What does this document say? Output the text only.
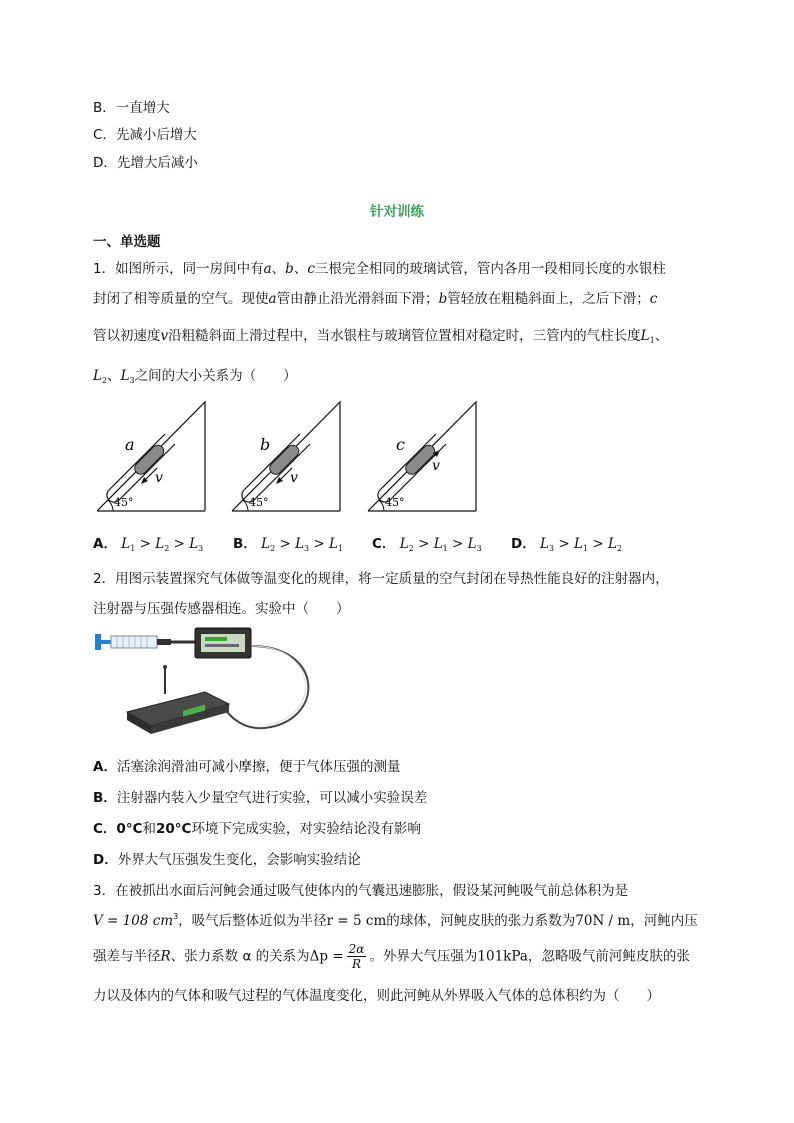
B．一直增大
C．先减小后增大
D．先增大后减小
针对训练
一、单选题
1．如图所示，同一房间中有a、b、c三根完全相同的玻璃试管，管内各用一段相同长度的水银柱
封闭了相等质量的空气。现使a管由静止沿光滑斜面下滑；b管轻放在粗糙斜面上，之后下滑；c
管以初速度v沿粗糙斜面上滑过程中，当水银柱与玻璃管位置相对稳定时，三管内的气柱长度$L_1$、
$L_2$、$L_3$之间的大小关系为（　　）
a
v
45°
b
v
45°
c
v
45°
A． $L_1 > L_2 > L_3$ B． $L_2 > L_3 > L_1$ C． $L_2 > L_1 > L_3$ D． $L_3 > L_1 > L_2$
2．用图示装置探究气体做等温变化的规律，将一定质量的空气封闭在导热性能良好的注射器内，
注射器与压强传感器相连。实验中（　　）
A．活塞涂润滑油可减小摩擦，便于气体压强的测量
B．注射器内装入少量空气进行实验，可以减小实验误差
C．0°C和20°C环境下完成实验，对实验结论没有影响
D．外界大气压强发生变化，会影响实验结论
3．在被抓出水面后河鲀会通过吸气使体内的气囊迅速膨胀，假设某河鲀吸气前总体积为是
V = 108 $cm^3$，吸气后整体近似为半径r = 5 cm的球体，河鲀皮肤的张力系数为70N / m，河鲀内压
强差与半径R、张力系数 α 的关系为$\Delta p = \frac{2\alpha}{R}$ 。外界大气压强为101kPa，忽略吸气前河鲀皮肤的张
力以及体内的气体和吸气过程的气体温度变化，则此河鲀从外界吸入气体的总体积约为（　　）
